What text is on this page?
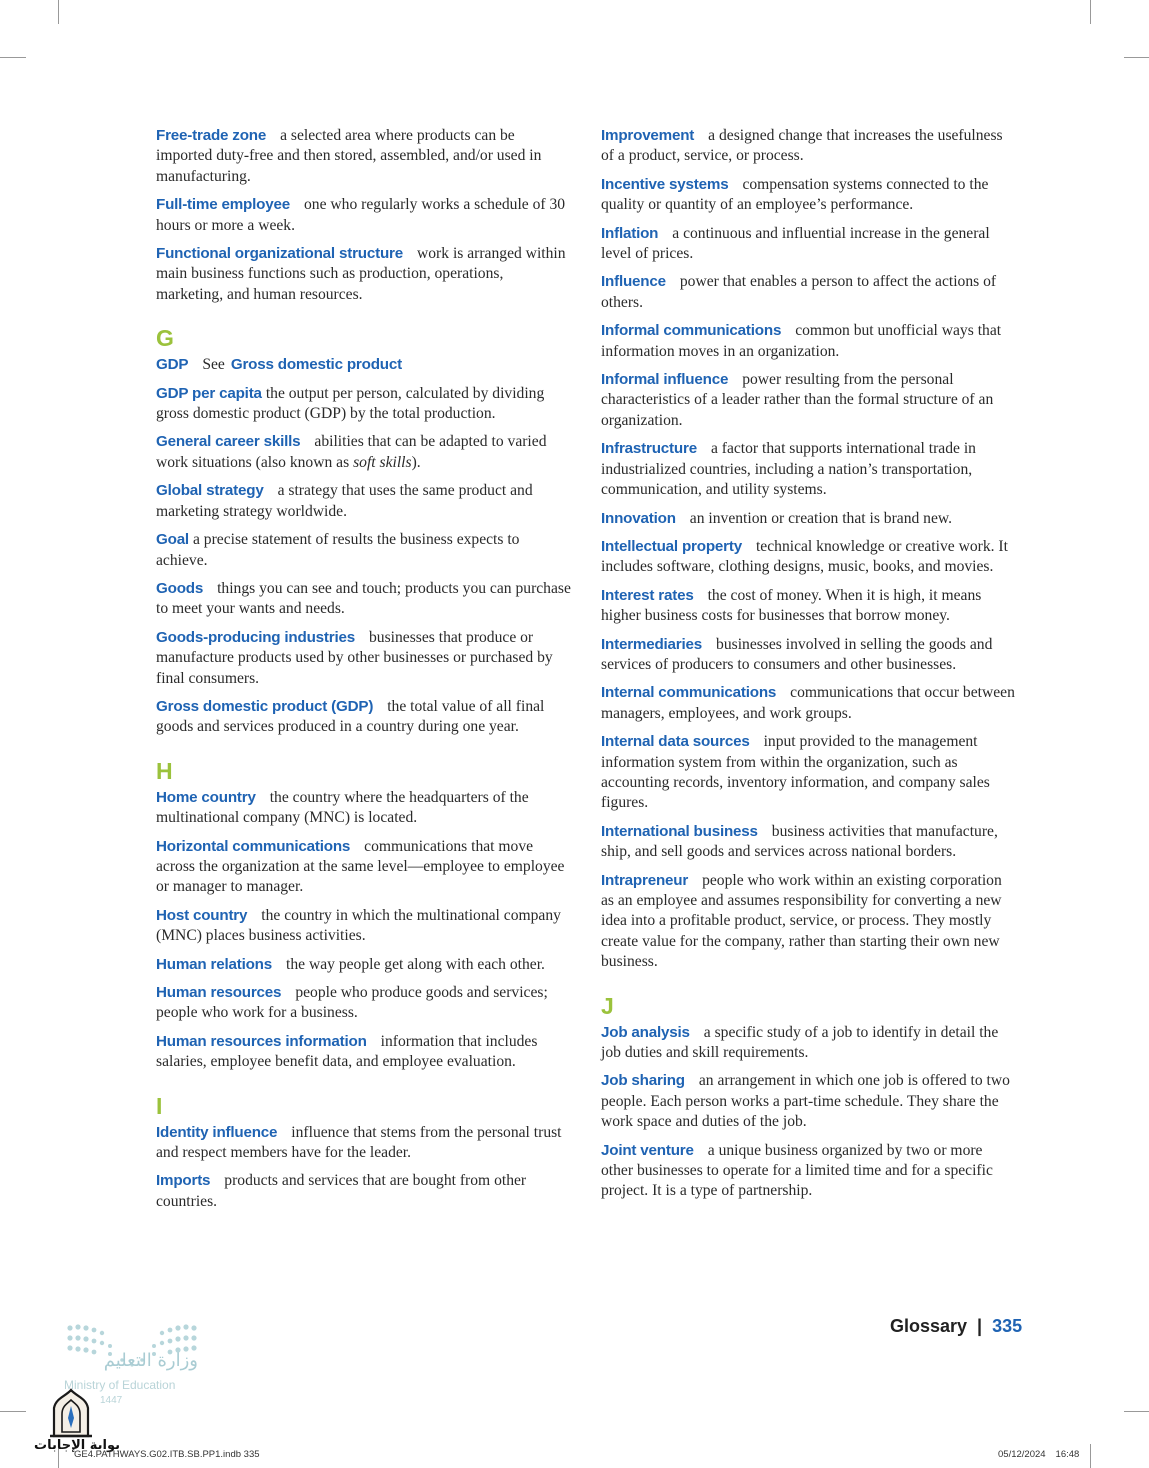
Free-trade zone a selected area where products can be imported duty-free and then stored, assembled, and/or used in manufacturing.

Full-time employee one who regularly works a schedule of 30 hours or more a week.

Functional organizational structure work is arranged within main business functions such as production, operations, marketing, and human resources.

G

GDP See Gross domestic product

GDP per capita the output per person, calculated by dividing gross domestic product (GDP) by the total production.

General career skills abilities that can be adapted to varied work situations (also known as soft skills).

Global strategy a strategy that uses the same product and marketing strategy worldwide.

Goal a precise statement of results the business expects to achieve.

Goods things you can see and touch; products you can purchase to meet your wants and needs.

Goods-producing industries businesses that produce or manufacture products used by other businesses or purchased by final consumers.

Gross domestic product (GDP) the total value of all final goods and services produced in a country during one year.

H

Home country the country where the headquarters of the multinational company (MNC) is located.

Horizontal communications communications that move across the organization at the same level—employee to employee or manager to manager.

Host country the country in which the multinational company (MNC) places business activities.

Human relations the way people get along with each other.

Human resources people who produce goods and services; people who work for a business.

Human resources information information that includes salaries, employee benefit data, and employee evaluation.

I

Identity influence influence that stems from the personal trust and respect members have for the leader.

Imports products and services that are bought from other countries.

Improvement a designed change that increases the usefulness of a product, service, or process.

Incentive systems compensation systems connected to the quality or quantity of an employee’s performance.

Inflation a continuous and influential increase in the general level of prices.

Influence power that enables a person to affect the actions of others.

Informal communications common but unofficial ways that information moves in an organization.

Informal influence power resulting from the personal characteristics of a leader rather than the formal structure of an organization.

Infrastructure a factor that supports international trade in industrialized countries, including a nation’s transportation, communication, and utility systems.

Innovation an invention or creation that is brand new.

Intellectual property technical knowledge or creative work. It includes software, clothing designs, music, books, and movies.

Interest rates the cost of money. When it is high, it means higher business costs for businesses that borrow money.

Intermediaries businesses involved in selling the goods and services of producers to consumers and other businesses.

Internal communications communications that occur between managers, employees, and work groups.

Internal data sources input provided to the management information system from within the organization, such as accounting records, inventory information, and company sales figures.

International business business activities that manufacture, ship, and sell goods and services across national borders.

Intrapreneur people who work within an existing corporation as an employee and assumes responsibility for converting a new idea into a profitable product, service, or process. They mostly create value for the company, rather than starting their own new business.

J

Job analysis a specific study of a job to identify in detail the job duties and skill requirements.

Job sharing an arrangement in which one job is offered to two people. Each person works a part-time schedule. They share the work space and duties of the job.

Joint venture a unique business organized by two or more other businesses to operate for a limited time and for a specific project. It is a type of partnership.

Glossary | 335
وزارة التعليم
Ministry of Education
1447
بوابة الإجابات
GE4.PATHWAYS.G02.ITB.SB.PP1.indb 335	05/12/2024 16:48
